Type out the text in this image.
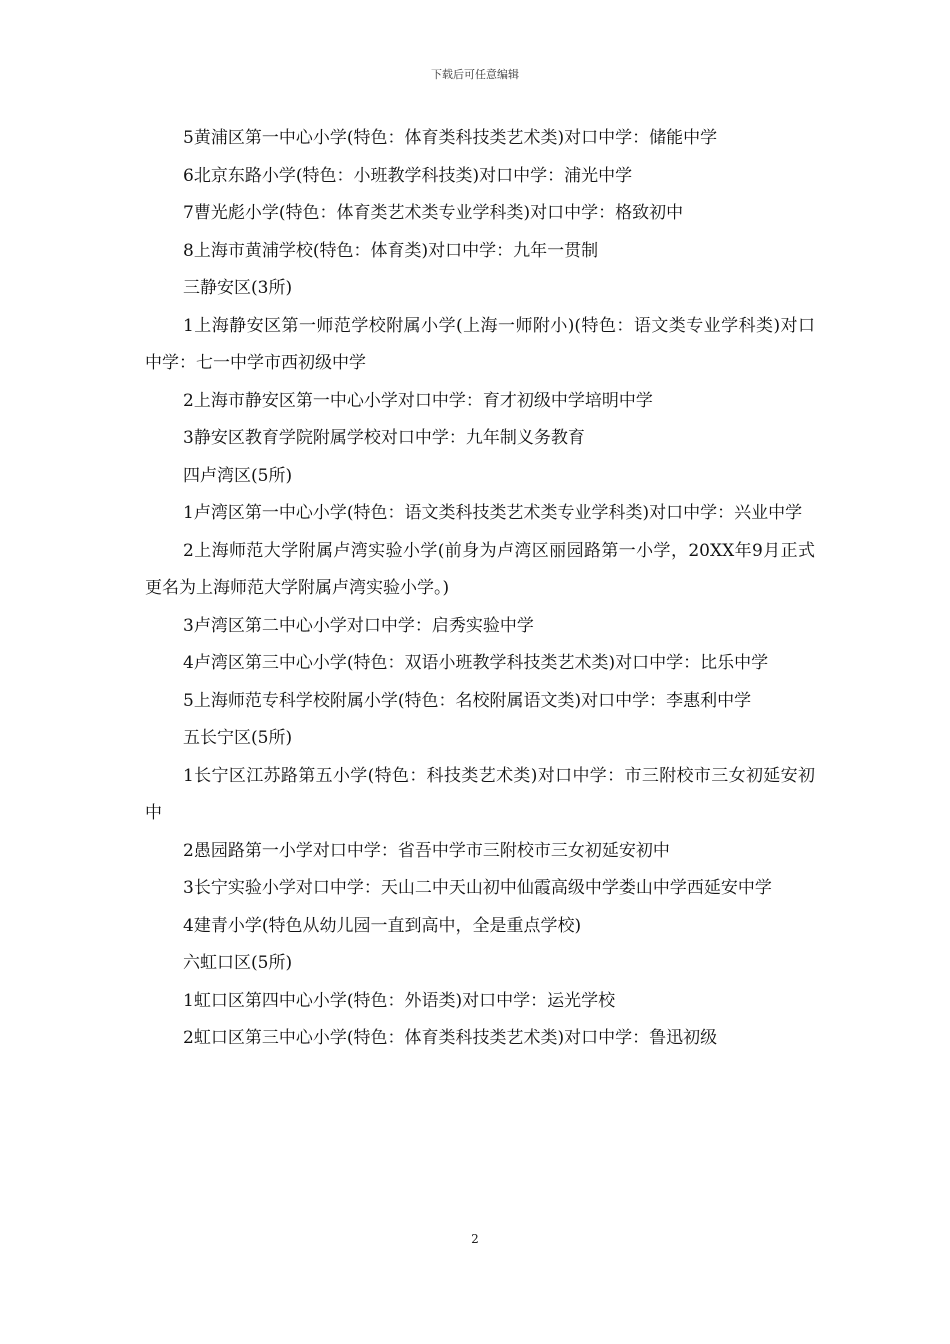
下载后可任意编辑

5黄浦区第一中心小学(特色：体育类科技类艺术类)对口中学：储能中学

6北京东路小学(特色：小班教学科技类)对口中学：浦光中学

7曹光彪小学(特色：体育类艺术类专业学科类)对口中学：格致初中

8上海市黄浦学校(特色：体育类)对口中学：九年一贯制

三静安区(3所)

1上海静安区第一师范学校附属小学(上海一师附小)(特色：语文类专业学科类)对口中学：七一中学市西初级中学

2上海市静安区第一中心小学对口中学：育才初级中学培明中学

3静安区教育学院附属学校对口中学：九年制义务教育

四卢湾区(5所)

1卢湾区第一中心小学(特色：语文类科技类艺术类专业学科类)对口中学：兴业中学

2上海师范大学附属卢湾实验小学(前身为卢湾区丽园路第一小学，20XX年9月正式更名为上海师范大学附属卢湾实验小学。)

3卢湾区第二中心小学对口中学：启秀实验中学

4卢湾区第三中心小学(特色：双语小班教学科技类艺术类)对口中学：比乐中学

5上海师范专科学校附属小学(特色：名校附属语文类)对口中学：李惠利中学

五长宁区(5所)

1长宁区江苏路第五小学(特色：科技类艺术类)对口中学：市三附校市三女初延安初中

2愚园路第一小学对口中学：省吾中学市三附校市三女初延安初中

3长宁实验小学对口中学：天山二中天山初中仙霞高级中学娄山中学西延安中学

4建青小学(特色从幼儿园一直到高中，全是重点学校)

六虹口区(5所)

1虹口区第四中心小学(特色：外语类)对口中学：运光学校

2虹口区第三中心小学(特色：体育类科技类艺术类)对口中学：鲁迅初级

2
